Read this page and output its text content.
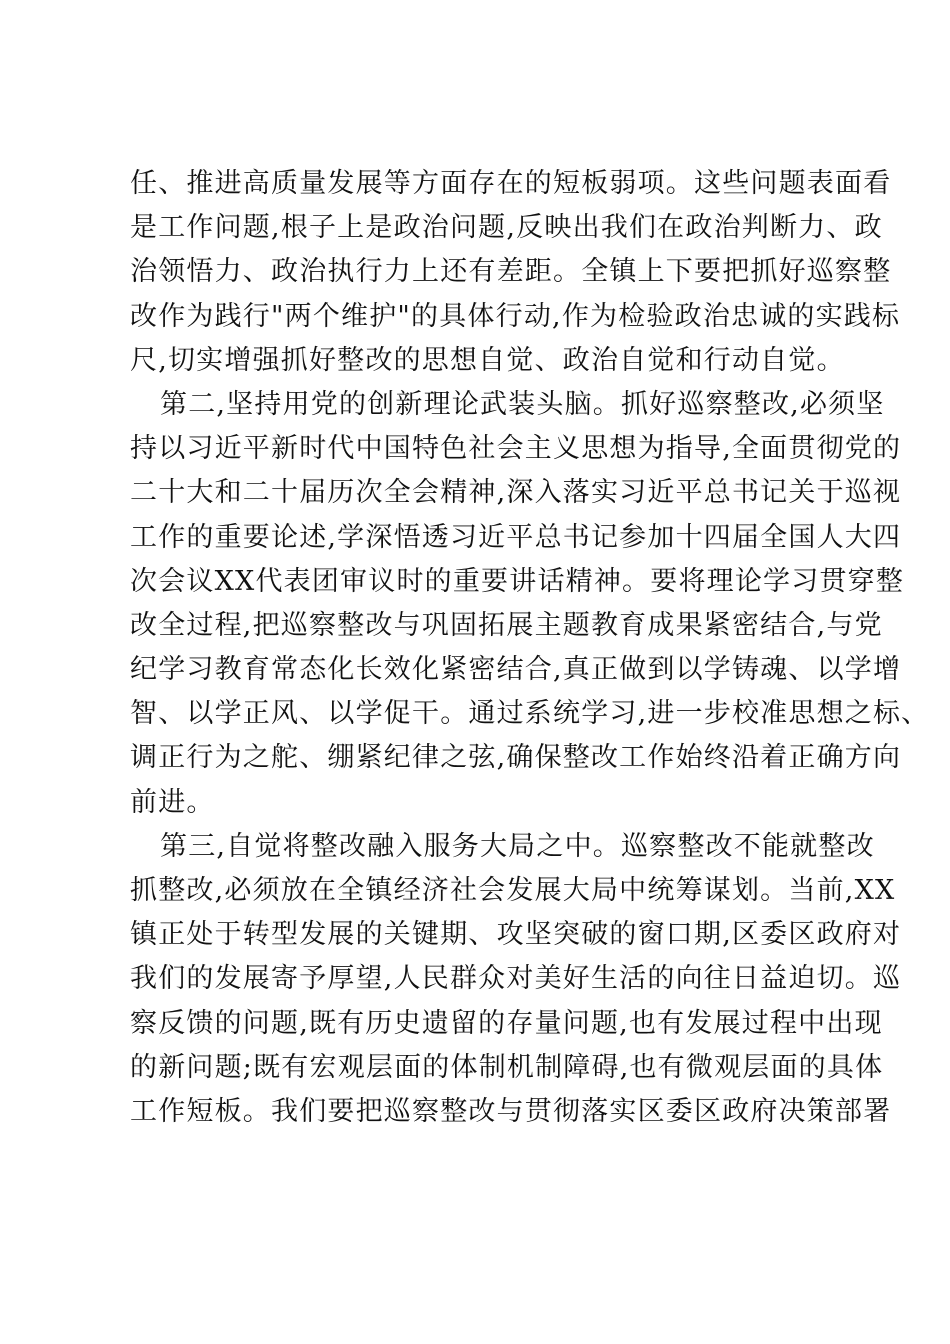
任、推进高质量发展等方面存在的短板弱项。这些问题表面看
是工作问题,根子上是政治问题,反映出我们在政治判断力、政
治领悟力、政治执行力上还有差距。全镇上下要把抓好巡察整
改作为践行"两个维护"的具体行动,作为检验政治忠诚的实践标
尺,切实增强抓好整改的思想自觉、政治自觉和行动自觉。
第二,坚持用党的创新理论武装头脑。抓好巡察整改,必须坚
持以习近平新时代中国特色社会主义思想为指导,全面贯彻党的
二十大和二十届历次全会精神,深入落实习近平总书记关于巡视
工作的重要论述,学深悟透习近平总书记参加十四届全国人大四
次会议XX代表团审议时的重要讲话精神。要将理论学习贯穿整
改全过程,把巡察整改与巩固拓展主题教育成果紧密结合,与党
纪学习教育常态化长效化紧密结合,真正做到以学铸魂、以学增
智、以学正风、以学促干。通过系统学习,进一步校准思想之标、
调正行为之舵、绷紧纪律之弦,确保整改工作始终沿着正确方向
前进。
第三,自觉将整改融入服务大局之中。巡察整改不能就整改
抓整改,必须放在全镇经济社会发展大局中统筹谋划。当前,XX
镇正处于转型发展的关键期、攻坚突破的窗口期,区委区政府对
我们的发展寄予厚望,人民群众对美好生活的向往日益迫切。巡
察反馈的问题,既有历史遗留的存量问题,也有发展过程中出现
的新问题;既有宏观层面的体制机制障碍,也有微观层面的具体
工作短板。我们要把巡察整改与贯彻落实区委区政府决策部署
